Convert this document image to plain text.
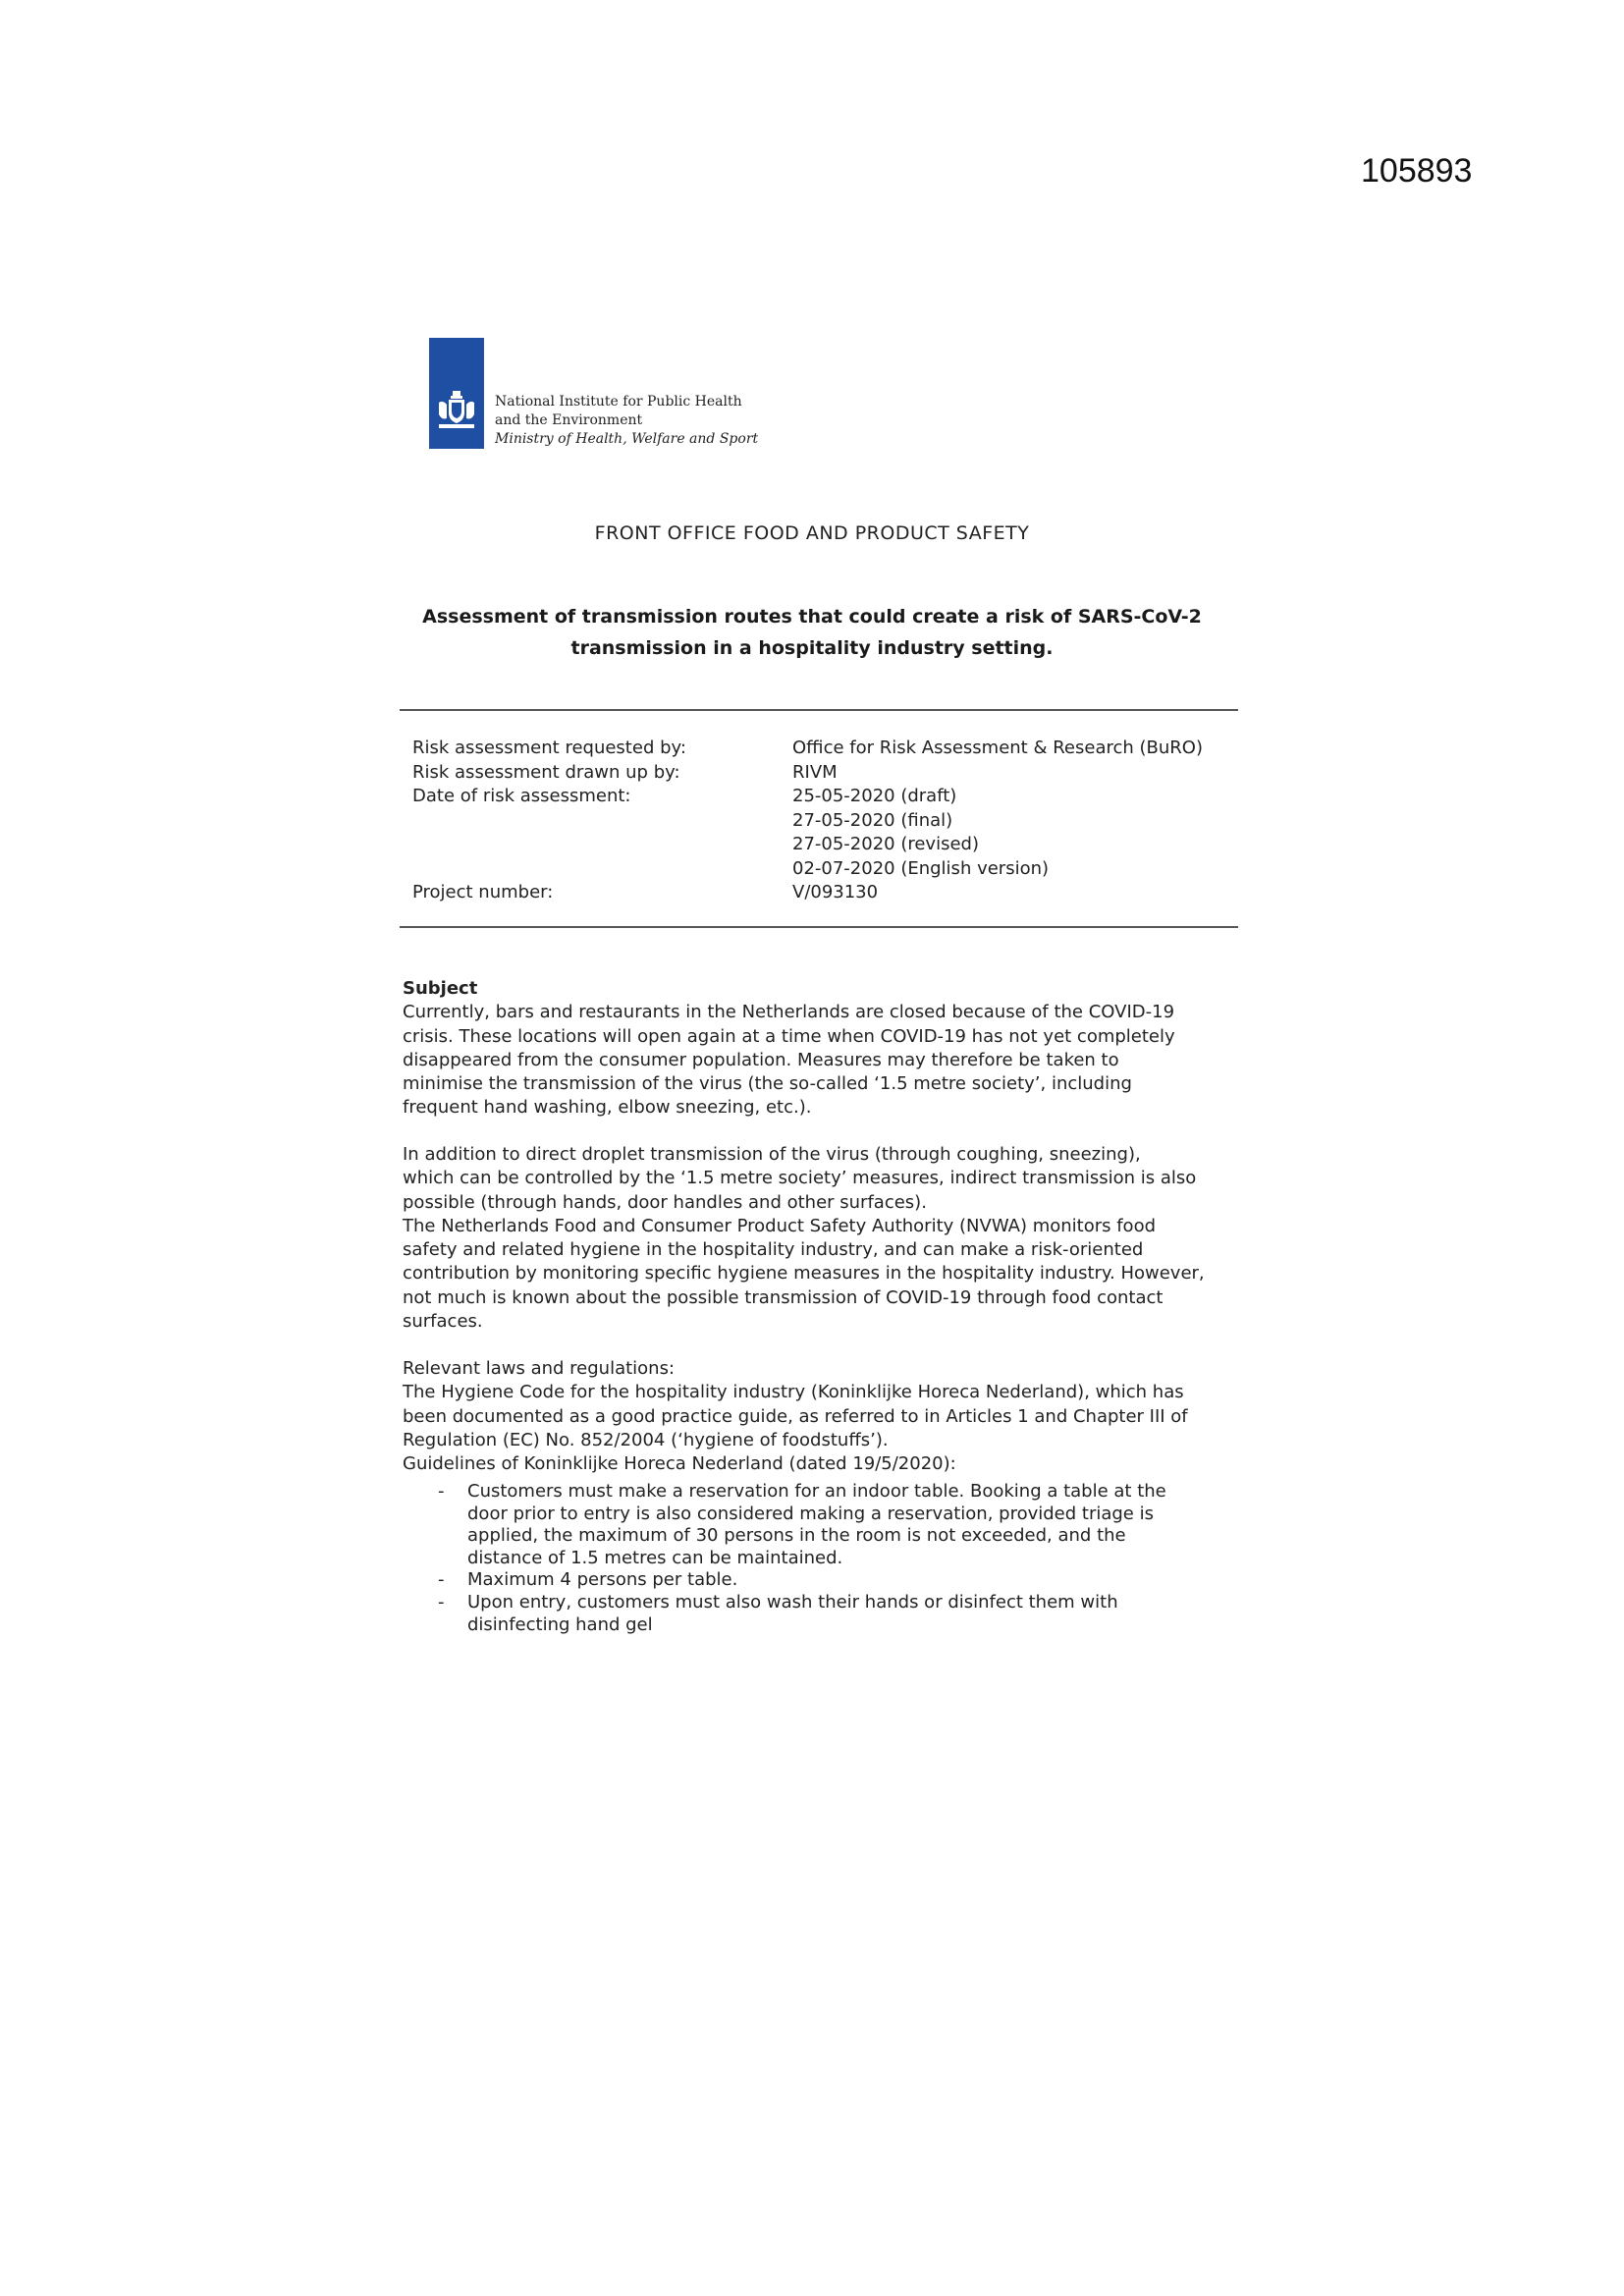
105893
National Institute for Public Health
and the Environment
Ministry of Health, Welfare and Sport
FRONT OFFICE FOOD AND PRODUCT SAFETY
Assessment of transmission routes that could create a risk of SARS-CoV-2
transmission in a hospitality industry setting.
Risk assessment requested by:	Office for Risk Assessment & Research (BuRO)
Risk assessment drawn up by:	RIVM
Date of risk assessment:	25-05-2020 (draft)
27-05-2020 (final)
27-05-2020 (revised)
02-07-2020 (English version)
Project number:	V/093130
Subject
Currently, bars and restaurants in the Netherlands are closed because of the COVID-19
crisis. These locations will open again at a time when COVID-19 has not yet completely
disappeared from the consumer population. Measures may therefore be taken to
minimise the transmission of the virus (the so-called ‘1.5 metre society’, including
frequent hand washing, elbow sneezing, etc.).
In addition to direct droplet transmission of the virus (through coughing, sneezing),
which can be controlled by the ‘1.5 metre society’ measures, indirect transmission is also
possible (through hands, door handles and other surfaces).
The Netherlands Food and Consumer Product Safety Authority (NVWA) monitors food
safety and related hygiene in the hospitality industry, and can make a risk-oriented
contribution by monitoring specific hygiene measures in the hospitality industry. However,
not much is known about the possible transmission of COVID-19 through food contact
surfaces.
Relevant laws and regulations:
The Hygiene Code for the hospitality industry (Koninklijke Horeca Nederland), which has
been documented as a good practice guide, as referred to in Articles 1 and Chapter III of
Regulation (EC) No. 852/2004 (‘hygiene of foodstuffs’).
Guidelines of Koninklijke Horeca Nederland (dated 19/5/2020):
- Customers must make a reservation for an indoor table. Booking a table at the
door prior to entry is also considered making a reservation, provided triage is
applied, the maximum of 30 persons in the room is not exceeded, and the
distance of 1.5 metres can be maintained.
- Maximum 4 persons per table.
- Upon entry, customers must also wash their hands or disinfect them with
disinfecting hand gel
